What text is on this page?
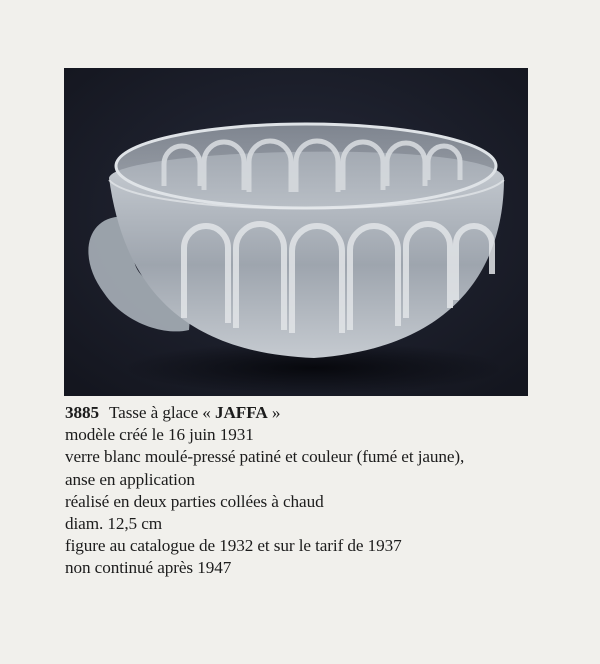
3885 Tasse à glace « JAFFA »
modèle créé le 16 juin 1931
verre blanc moulé-pressé patiné et couleur (fumé et jaune),
anse en application
réalisé en deux parties collées à chaud
diam. 12,5 cm
figure au catalogue de 1932 et sur le tarif de 1937
non continué après 1947
